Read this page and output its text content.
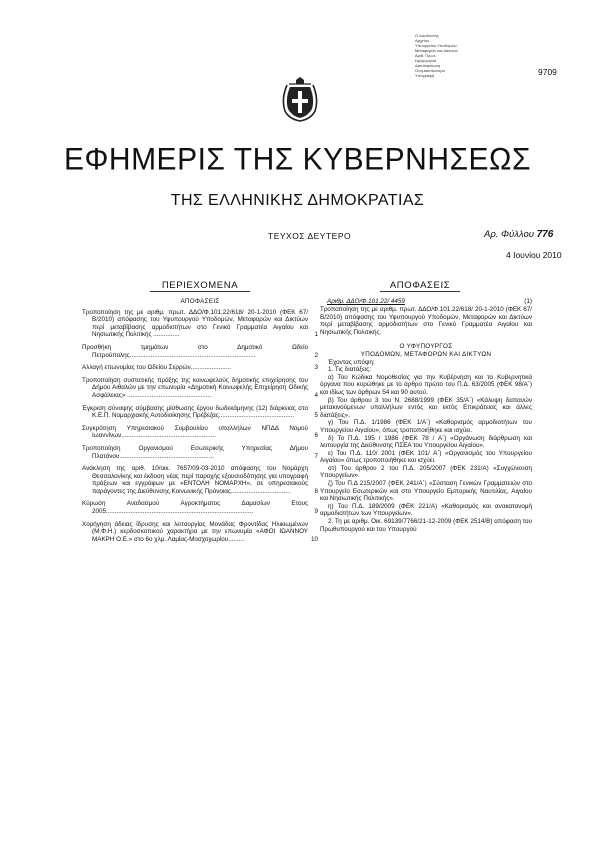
Ο Διευθυντής
Αρχείου
Υπουργείου Υποδομών,
Μεταφορών και Δικτύων
Αριθ. Πρωτ.
Ημερομηνία
Διεκπεραίωση
Ονοματεπώνυμο
Υπογραφή	9709
ΕΦΗΜΕΡΙΣ ΤΗΣ ΚΥΒΕΡΝΗΣΕΩΣ
ΤΗΣ ΕΛΛΗΝΙΚΗΣ ΔΗΜΟΚΡΑΤΙΑΣ
ΤΕΥΧΟΣ ΔΕΥΤΕΡΟ	Αρ. Φύλλου 776
4 Ιουνίου 2010
ΠΕΡΙΕΧΟΜΕΝΑ	ΑΠΟΦΑΣΕΙΣ
ΑΠΟΦΑΣΕΙΣ
Τροποποίηση της με αριθμ. πρωτ. ΔΔΟ/Φ.101.22/618/ 20-1-2010 (ΦΕΚ 67/Β/2010) απόφασης του Υφυπουργού Υποδομών, Μεταφορών και Δικτύων περί μεταβίβασης αρμοδιοτήτων στο Γενικό Γραμματέα Αιγαίου και Νησιωτικής Πολιτικής ...............	1
Προσθήκη τμημάτων στο Δημοτικό Ωδείο Πετρούπολης........................................................................	2
Αλλαγή επωνυμίας του Ωδείου Σερρών.......................	3
Τροποποίηση συστατικής πράξης της κοινωφελούς δημοτικής επιχείρησης του Δήμου Αιθαλών με την επωνυμία «Δημοτική Κοινωφελής Επιχείρηση Οδικής Ασφάλειας» ................................................	4
Έγκριση σύναψης σύμβασης μίσθωσης έργου δωδεκάμηνης (12) διάρκειας στο Κ.Ε.Π. Νομαρχιακής Αυτοδιοίκησης Πρέβεζας...........................................	5
Συγκρότηση Υπηρεσιακού Συμβουλίου υπαλλήλων ΝΠΔΔ Νομού Ιωαννίνων......................................................	6
Τροποποίηση Οργανισμού Εσωτερικής Υπηρεσίας Δήμου Πλατάνου......................................................	7
Ανάκληση της αριθ. 10/οικ. 7657/09-03-2010 απόφασης του Νομάρχη Θεσσαλονίκης και έκδοση νέας περί παροχής εξουσιοδότησης για υπογραφή πράξεων και εγγράφων με «ΕΝΤΟΛΗ ΝΟΜΑΡΧΗ», σε υπηρεσιακούς παράγοντες της Διεύθυνσης Κοινωνικής Πρόνοιας..................................	8
Κύρωση Αναδασμού Αγροκτήματος Δαμασίων Ετους 2005....................................................................................	9
Χορήγηση άδειας ίδρυσης και λειτουργίας Μονάδας Φροντίδας Ηλικιωμένων (Μ.Φ.Η.) κερδοσκοπικού χαρακτήρα με την επωνυμία «ΑΦΟΙ ΙΩΑΝΝΟΥ ΜΑΚΡΗ Ο.Ε.» στο 6ο χλμ. Λαμίας-Μοσχοχωρίου.........	10
Αριθμ. ΔΔΟ/Φ.101.22/ 4459	(1)

Τροποποίηση της με αριθμ. πρωτ. ΔΔΟ/Φ.101.22/618/ 20-1-2010 (ΦΕΚ 67/Β/2010) απόφασης του Υφυπουργού Υποδομών, Μεταφορών και Δικτύων περί μεταβίβασης αρμοδιοτήτων στο Γενικό Γραμματέα Αιγαίου και Νησιωτικής Πολιτικής.

Ο ΥΦΥΠΟΥΡΓΟΣ
ΥΠΟΔΟΜΩΝ, ΜΕΤΑΦΟΡΩΝ ΚΑΙ ΔΙΚΤΥΩΝ

Έχοντας υπόψη:

1. Τις διατάξεις:

α) Του Κώδικα Νομοθεσίας για την Κυβέρνηση και τα Κυβερνητικά όργανα που κυρώθηκε με το άρθρο πρώτο του Π.Δ. 63/2005 (ΦΕΚ 98/Α΄) και ιδίως των άρθρων 54 και 90 αυτού.

β) Του άρθρου 3 του Ν. 2688/1999 (ΦΕΚ 35/Α΄) «Κάλυψη δαπανών μετακινούμενων υπαλλήλων εντός και εκτός Επικράτειας και άλλες διατάξεις».

γ) Του Π.Δ. 1/1986 (ΦΕΚ 1/Α΄) «Καθορισμός αρμοδιοτήτων του Υπουργείου Αιγαίου», όπως τροποποιήθηκε και ισχύει.

δ) Το Π.Δ. 195 / 1986 (ΦΕΚ 78 / Α΄) «Οργάνωση διάρθρωση και λειτουργία της Διεύθυνσης ΠΣΕΑ του Υπουργείου Αιγαίου».

ε) Του Π.Δ. 110/ 2001 (ΦΕΚ 101/ Α΄) «Οργανισμός του Υπουργείου Αιγαίου» όπως τροποποιήθηκε και ισχύει.

στ) Του άρθρου 2 του Π.Δ. 205/2007 (ΦΕΚ 231/Α) «Συγχώνευση Υπουργείων».

ζ) Του Π.Δ 215/2007 (ΦΕΚ 241/Α΄) «Σύσταση Γενικών Γραμματειών στο Υπουργείο Εσωτερικών και στο Υπουργείο Εμπορικής Ναυτιλίας, Αιγαίου και Νησιωτικής Πολιτικής».

η) Του Π.Δ. 189/2009 (ΦΕΚ 221/Α) «Καθορισμός και ανακατανομή αρμοδιοτήτων των Υπουργείων».

2. Τη με αριθμ. Οικ. 69139/7766/21-12-2009 (ΦΕΚ 2514/Β) απόφαση του Πρωθυπουργού και του Υπουργού
